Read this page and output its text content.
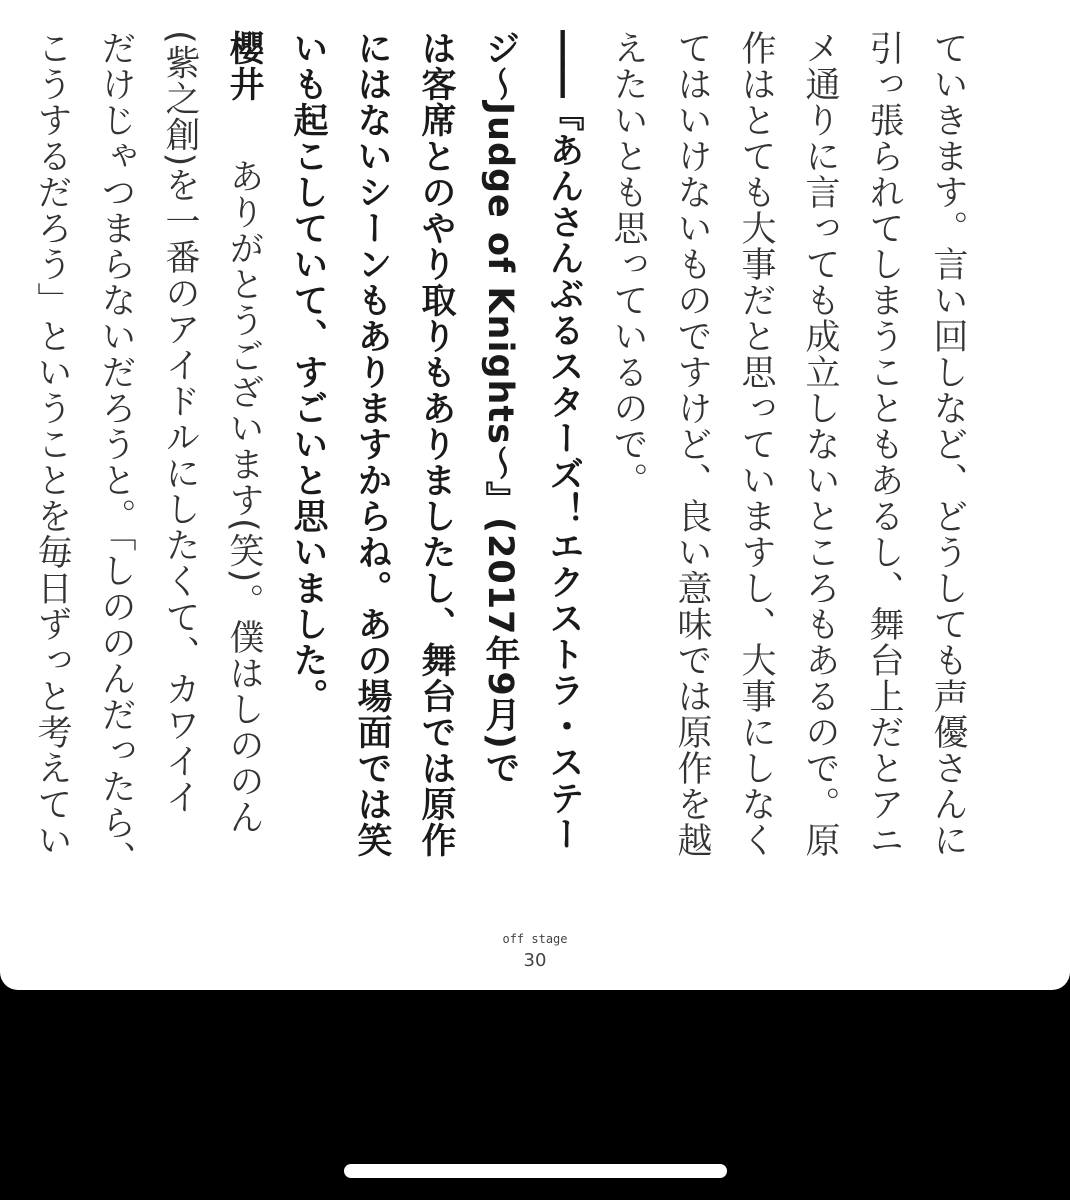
ていきます。言い回しなど、どうしても声優さんに
引っ張られてしまうこともあるし、舞台上だとアニ
メ通りに言っても成立しないところもあるので。原
作はとても大事だと思っていますし、大事にしなく
てはいけないものですけど、良い意味では原作を越
えたいとも思っているので。
――『あんさんぶるスターズ！エクストラ・ステー
ジ～Judge of Knights～』(2017年9月)で
は客席とのやり取りもありましたし、舞台では原作
にはないシーンもありますからね。あの場面では笑
いも起こしていて、すごいと思いました。
櫻井　ありがとうございます(笑)。僕はしののん
(紫之創)を一番のアイドルにしたくて、カワイイ
だけじゃつまらないだろうと。「しののんだったら、
こうするだろう」ということを毎日ずっと考えてい
off stage
30
